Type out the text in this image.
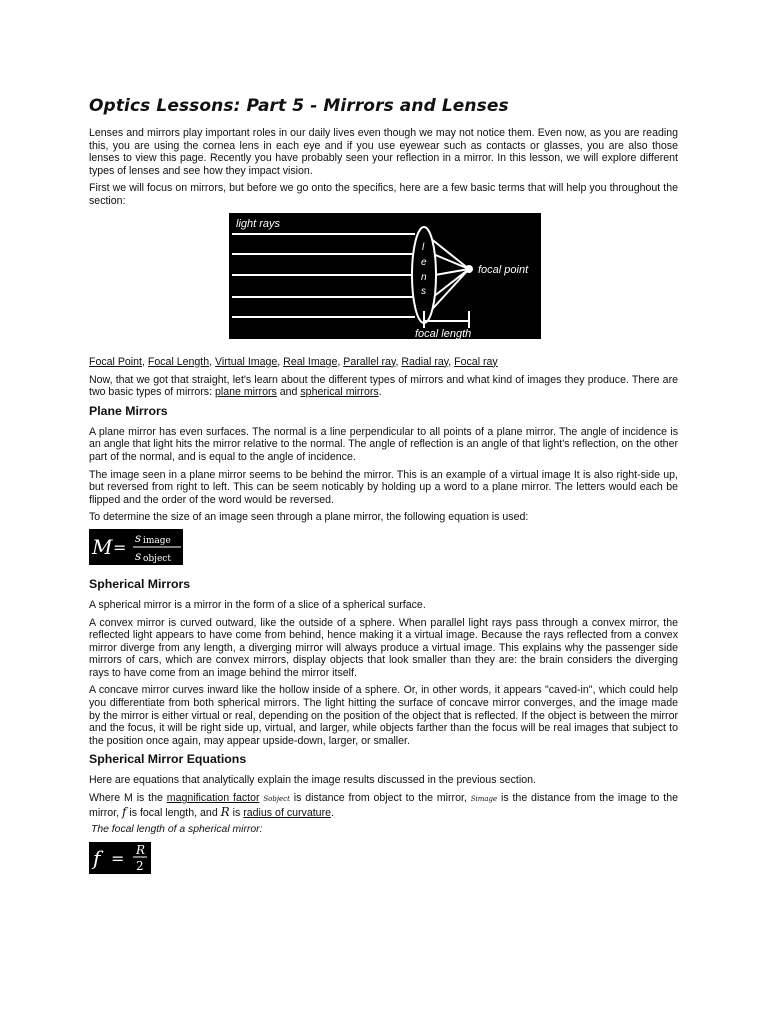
Optics Lessons: Part 5 - Mirrors and Lenses

Lenses and mirrors play important roles in our daily lives even though we may not notice them. Even now, as you are reading this, you are using the cornea lens in each eye and if you use eyewear such as contacts or glasses, you are also those lenses to view this page. Recently you have probably seen your reflection in a mirror. In this lesson, we will explore different types of lenses and see how they impact vision.

First we will focus on mirrors, but before we go onto the specifics, here are a few basic terms that will help you throughout the section:

light rays
l
e
n
s
focal point
focal length
Focal Point, Focal Length, Virtual Image, Real Image, Parallel ray, Radial ray, Focal ray

Now, that we got that straight, let's learn about the different types of mirrors and what kind of images they produce. There are two basic types of mirrors: plane mirrors and spherical mirrors.

Plane Mirrors

A plane mirror has even surfaces. The normal is a line perpendicular to all points of a plane mirror. The angle of incidence is an angle that light hits the mirror relative to the normal. The angle of reflection is an angle of that light's reflection, on the other part of the normal, and is equal to the angle of incidence.

The image seen in a plane mirror seems to be behind the mirror. This is an example of a virtual image It is also right-side up, but reversed from right to left. This can be seem noticably by holding up a word to a plane mirror. The letters would each be flipped and the order of the word would be reversed.

To determine the size of an image seen through a plane mirror, the following equation is used:

M = s image
s object
Spherical Mirrors

A spherical mirror is a mirror in the form of a slice of a spherical surface.

A convex mirror is curved outward, like the outside of a sphere. When parallel light rays pass through a convex mirror, the reflected light appears to have come from behind, hence making it a virtual image. Because the rays reflected from a convex mirror diverge from any length, a diverging mirror will always produce a virtual image. This explains why the passenger side mirrors of cars, which are convex mirrors, display objects that look smaller than they are: the brain considers the diverging rays to have come from an image behind the mirror itself.

A concave mirror curves inward like the hollow inside of a sphere. Or, in other words, it appears "caved-in", which could help you differentiate from both spherical mirrors. The light hitting the surface of concave mirror converges, and the image made by the mirror is either virtual or real, depending on the position of the object that is reflected. If the object is between the mirror and the focus, it will be right side up, virtual, and larger, while objects farther than the focus will be real images that subject to the position once again, may appear upside-down, larger, or smaller.

Spherical Mirror Equations

Here are equations that analytically explain the image results discussed in the previous section.

Where M is the magnification factor Sobject is distance from object to the mirror, Simage is the distance from the image to the mirror, f is focal length, and R is radius of curvature.

The focal length of a spherical mirror:

f = R
2
